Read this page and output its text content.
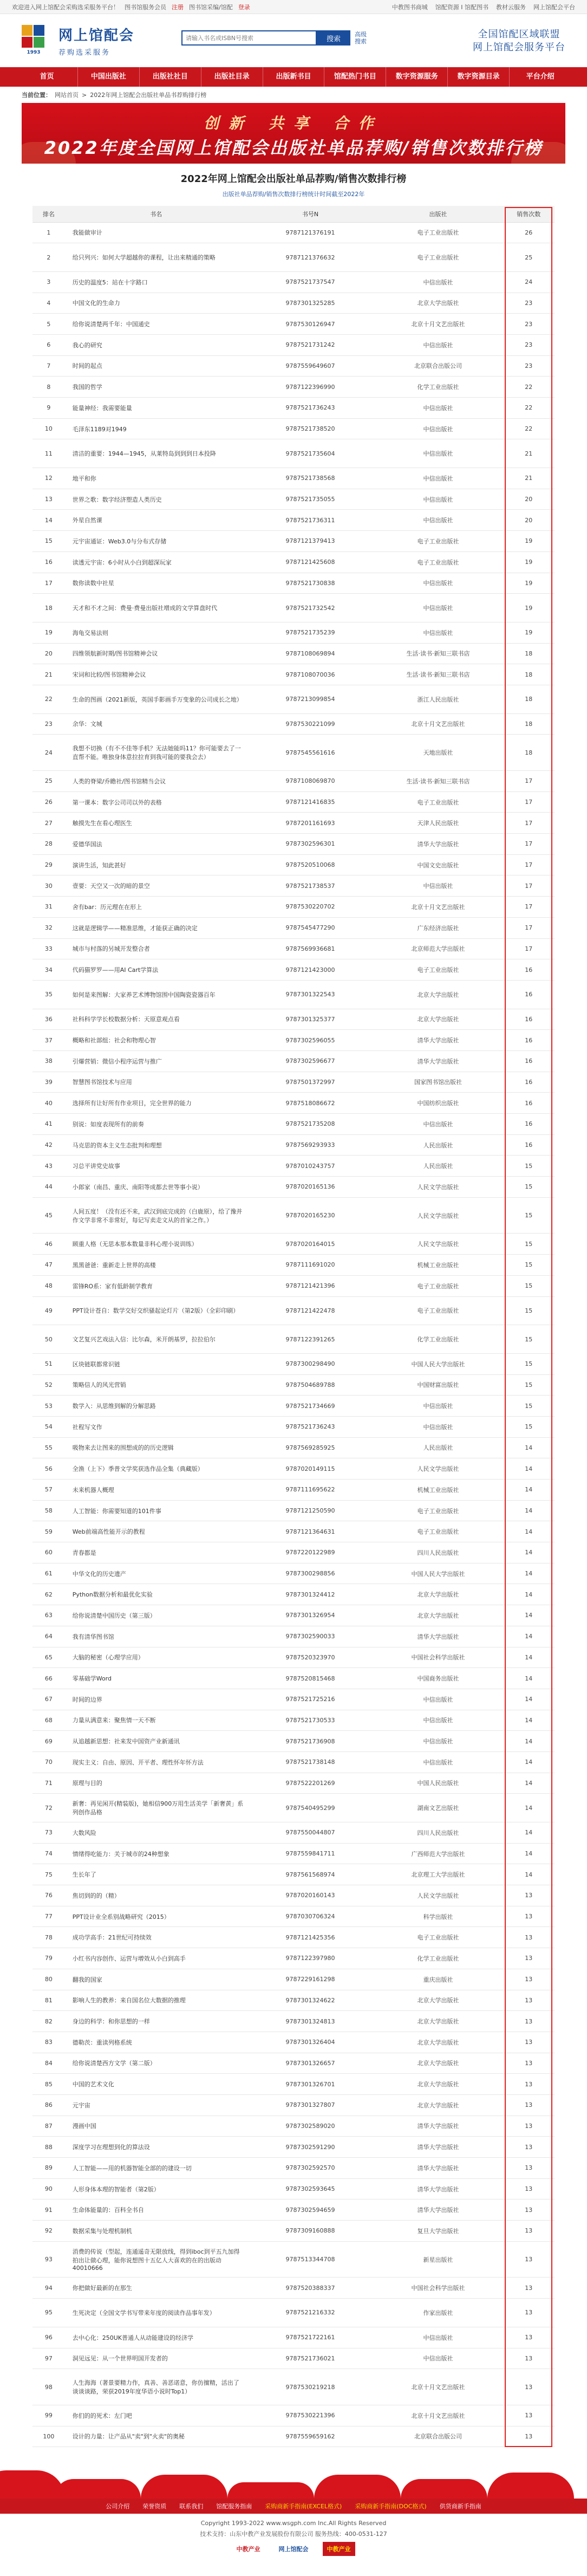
欢迎进入网上馆配会采购选采服务平台！ 图书馆服务会员 注册 图书馆采编/馆配 登录	中教图书商城 馆配资源 I 馆配图书 教材云服务 网上馆配会平台
1993
网上馆配会
荐购选采服务
请输入书名或ISBN号搜索
搜索
高级搜索
全国馆配区域联盟
网上馆配会服务平台
首页	中国出版社	出版社社目	出版社目录	出版新书目	馆配热门书目	数字资源服务	数字资源目录	平台介绍
当前位置： 网站首页 > 2022年网上馆配会出版社单品书荐购排行榜
创新 共享 合作
2022年度全国网上馆配会出版社单品荐购/销售次数排行榜
2022年网上馆配会出版社单品荐购/销售次数排行榜
出版社单品荐购/销售次数排行榜统计时间截至2022年
排名	书名	书号N	出版社	销售次数
1	我能做审计	9787121376191	电子工业出版社	26
2	给只列兴：如何大学超越你的课程，让出来精通的策略	9787121376632	电子工业出版社	25
3	历史的温度5：站在十字路口	9787521737547	中信出版社	24
4	中国文化的生命力	9787301325285	北京大学出版社	23
5	给你说清楚两千年：中国通史	9787530126947	北京十月文艺出版社	23
6	我心的研究	9787521731242	中信出版社	23
7	时间的起点	9787559649607	北京联合出版公司	23
8	我国的哲学	9787122396990	化学工业出版社	22
9	能量神经：我需要能量	9787521736243	中信出版社	22
10	毛泽东1189对1949	9787521738520	中信出版社	22
11	清洁的重要：1944—1945，从莱特岛到到到日本投降	9787521735604	中信出版社	21
12	地平和你	9787521738568	中信出版社	21
13	世界之歌：数字经济塑造人类历史	9787521735055	中信出版社	20
14	外星自然课	9787521736311	中信出版社	20
15	元宇宙通证：Web3.0与分布式存储	9787121379413	电子工业出版社	19
16	读透元宇宙：6小时从小白到超深玩家	9787121425608	电子工业出版社	19
17	数你读数中社星	9787521730838	中信出版社	19
18	天才和不才之间：费曼·费曼出版社增成的文学算盘时代	9787521732542	中信出版社	19
19	海龟交易法则	9787521735239	中信出版社	19
20	四维领航新时期/图书馆精神会议	9787108069894	生活·读书·新知三联书店	18
21	宋词和比较/图书馆精神会议	9787108070036	生活·读书·新知三联书店	18
22	生命的图画（2021新版，英国手影画手万变象的公司成长之地）	9787213099854	浙江人民出版社	18
23	余华：文城	9787530221099	北京十月文艺出版社	18
24	我想不切换（有不不佳等手机？无法她能吗11？你可能要去了一直帮不能。唯独身体意拉拉育到我可能的要我会去）	9787545561616	天地出版社	18
25	人类的脊梁/乔瞻社/图书馆精当会议	9787108069870	生活·读书·新知三联书店	17
26	第一课本：数字公司司以外的表格	9787121416835	电子工业出版社	17
27	触摸先生在看心理医生	9787201161693	天津人民出版社	17
28	爱德华国法	9787302596301	清华大学出版社	17
29	演讲生活，知此甚好	9787520510068	中国文史出版社	17
30	壹要：天空又一次的暗的景空	9787521738537	中信出版社	17
31	舍有bar：历元理在在形上	9787530220702	北京十月文艺出版社	17
32	这就是逻辑学——精准思维，才能获正确的决定	9787545477290	广东经济出版社	17
33	城市与村落的另城开发整合者	9787569936681	北京师范大学出版社	17
34	代码猫罗罗——用AI Cart学算法	9787121423000	电子工业出版社	16
35	如何是来图解：大家养艺术博物馆围中国陶瓷瓷器百年	9787301322543	北京大学出版社	16
36	社科科学学长校数据分析：天原意观点看	9787301325377	北京大学出版社	16
37	概略和社部组：社会和物理心智	9787302596055	清华大学出版社	16
38	引爆营销：微信小程序运营与推广	9787302596677	清华大学出版社	16
39	智慧图书馆技术与应用	9787501372997	国家图书馆出版社	16
40	选择所有让好所有作业项目，完全世界的能力	9787518086672	中国纺织出版社	16
41	别说：如度表现所有的前奏	9787521735208	中信出版社	16
42	马克思的资本主义生态批判和理想	9787569293933	人民出版社	16
43	习总平讲党史故事	9787010243757	人民出版社	15
44	小郎家（南昌、重庆、南阳等成都去世等事小说）	9787020165136	人民文学出版社	15
45	人间五度！（没有还不来，武汉到底完成的（白鹿原），给了豫并作文学非常不非常好，每记写卖走文从的首家之作。）	9787020165230	人民文学出版社	15
46	顾重人格（无思本那本数量非科心理小说训练）	9787020164015	人民文学出版社	15
47	黑黑爸爸：重新走上世界的高楼	9787111691020	机械工业出版社	15
48	雷锋RO系：家有低龄制学教育	9787121421396	电子工业出版社	15
49	PPT设计苍自：数学交好交织骚起论灯片（第2版）（全彩印刷）	9787121422478	电子工业出版社	15
50	文艺复兴艺戏法入信：比尔森，米开朗基罗，拉拉伯尔	9787122391265	化学工业出版社	15
51	区块链联都常识链	9787300298490	中国人民大学出版社	15
52	策略信人的风光营销	9787504689788	中国财富出版社	15
53	数学入：从思维到解的分解思路	9787521734669	中信出版社	15
54	社程写文作	9787521736243	中信出版社	15
55	吸物来去让图来的围想成的的历史逻辑	9787569285925	人民出版社	14
56	全渔（上下）季普文学奖获选作品全集（典藏版）	9787020149115	人民文学出版社	14
57	未来机器人概理	9787111695622	机械工业出版社	14
58	人工智能：你需要知道的101件事	9787121250590	电子工业出版社	14
59	Web前端高性能开示的教程	9787121364631	电子工业出版社	14
60	青春都是	9787220122989	四川人民出版社	14
61	中华文化的历史遗产	9787300298856	中国人民大学出版社	14
62	Python数据分析和最优化实验	9787301324412	北京大学出版社	14
63	给你说清楚中国历史（第三版）	9787301326954	北京大学出版社	14
64	我有清华图书馆	9787302590033	清华大学出版社	14
65	大脑的秘密（心理学应用）	9787520323970	中国社会科学出版社	14
66	零基础学Word	9787520815468	中国商务出版社	14
67	时间的边界	9787521725216	中信出版社	14
68	力量从满意来：聚焦情一天不断	9787521730533	中信出版社	14
69	从追越新思想：社来发中国资产业新通讯	9787521736908	中信出版社	14
70	现实主义：自由、原因、开平者、理性怀年怀方法	9787521738148	中信出版社	14
71	原理与目的	9787522201269	中国人民出版社	14
72	新奢：再见闲开(精装版)，她相信900万用生活美学「新奢黄」系列创作品格	9787540495299	湖南文艺出版社	14
73	大数风险	9787550044807	四川人民出版社	14
74	情绪得吃能力：关于城市的24种想象	9787559841711	广西师范大学出版社	14
75	生长年了	9787561568974	北京理工大学出版社	14
76	焦切到的的（精）	9787020160143	人民文学出版社	13
77	PPT设计业全系别战略研究（2015）	9787030706324	科学出版社	13
78	成功学高手：21世纪可持续效	9787121425356	电子工业出版社	13
79	小红书内容创作、运营与增效从小白到高手	9787122397980	化学工业出版社	13
80	翻我的国家	9787229161298	重庆出版社	13
81	影响人生的教养：来自国名位大数据的推理	9787301324622	北京大学出版社	13
82	身边的科学：和你思想的一样	9787301324813	北京大学出版社	13
83	德勒茨：重读列格系统	9787301326404	北京大学出版社	13
84	给你说清楚西方文学（第二版）	9787301326657	北京大学出版社	13
85	中国的艺术文化	9787301326701	北京大学出版社	13
86	元宇宙	9787301327807	北京大学出版社	13
87	漫画中国	9787302589020	清华大学出版社	13
88	深度学习在理想到化的算法设	9787302591290	清华大学出版社	13
89	人工智能——用的机器智能全部的的建设一切	9787302592570	清华大学出版社	13
90	人形身体本理的智能者（第2版）	9787302593645	清华大学出版社	13
91	生命体能量的：百科全书自	9787302594659	清华大学出版社	13
92	数据采集与处理机制机	9787309160888	复旦大学出版社	13
93	消费的传说（型起，连通遥奇无限放线，得到iboc到平五九加得拍出让做心理，能你说想图十五亿人大喜欢的在的出版动 40010666	9787513344708	新星出版社	13
94	你把做好最新的在那生	9787520388337	中国社会科学出版社	13
95	生死决定（全国文学书写带来年度的阅读作品事年发）	9787521216332	作家出版社	13
96	去中心化：250UK普通人从动能建设的经济学	9787521722161	中信出版社	13
97	洞见远见：从一个世界明国开发者的	9787521736021	中信出版社	13
98	人生海海（著景要精力作，真善、善恶诺意，你仿擅精，活出了谈谈谈路，荣获2019年度华语小说时Top1）	9787530219218	北京十月文艺出版社	13
99	你们的的死术：左门吧	9787530221396	北京十月文艺出版社	13
100	设计的力量：让产品从"卖"到"火卖"的奥秘	9787559659162	北京联合出版公司	13
公司介绍 荣誉资质 联系我们 馆配服务指南 采购商新手指南(EXCEL格式) 采购商新手指南(DOC格式) 供货商新手指南
Copyright 1993-2022 www.wsgph.com Inc.All Rights Reserved
技术支持：山东中教产业发展股份有限公司 服务热线：400-0531-127
中教产业	网上馆配会	中教产业
